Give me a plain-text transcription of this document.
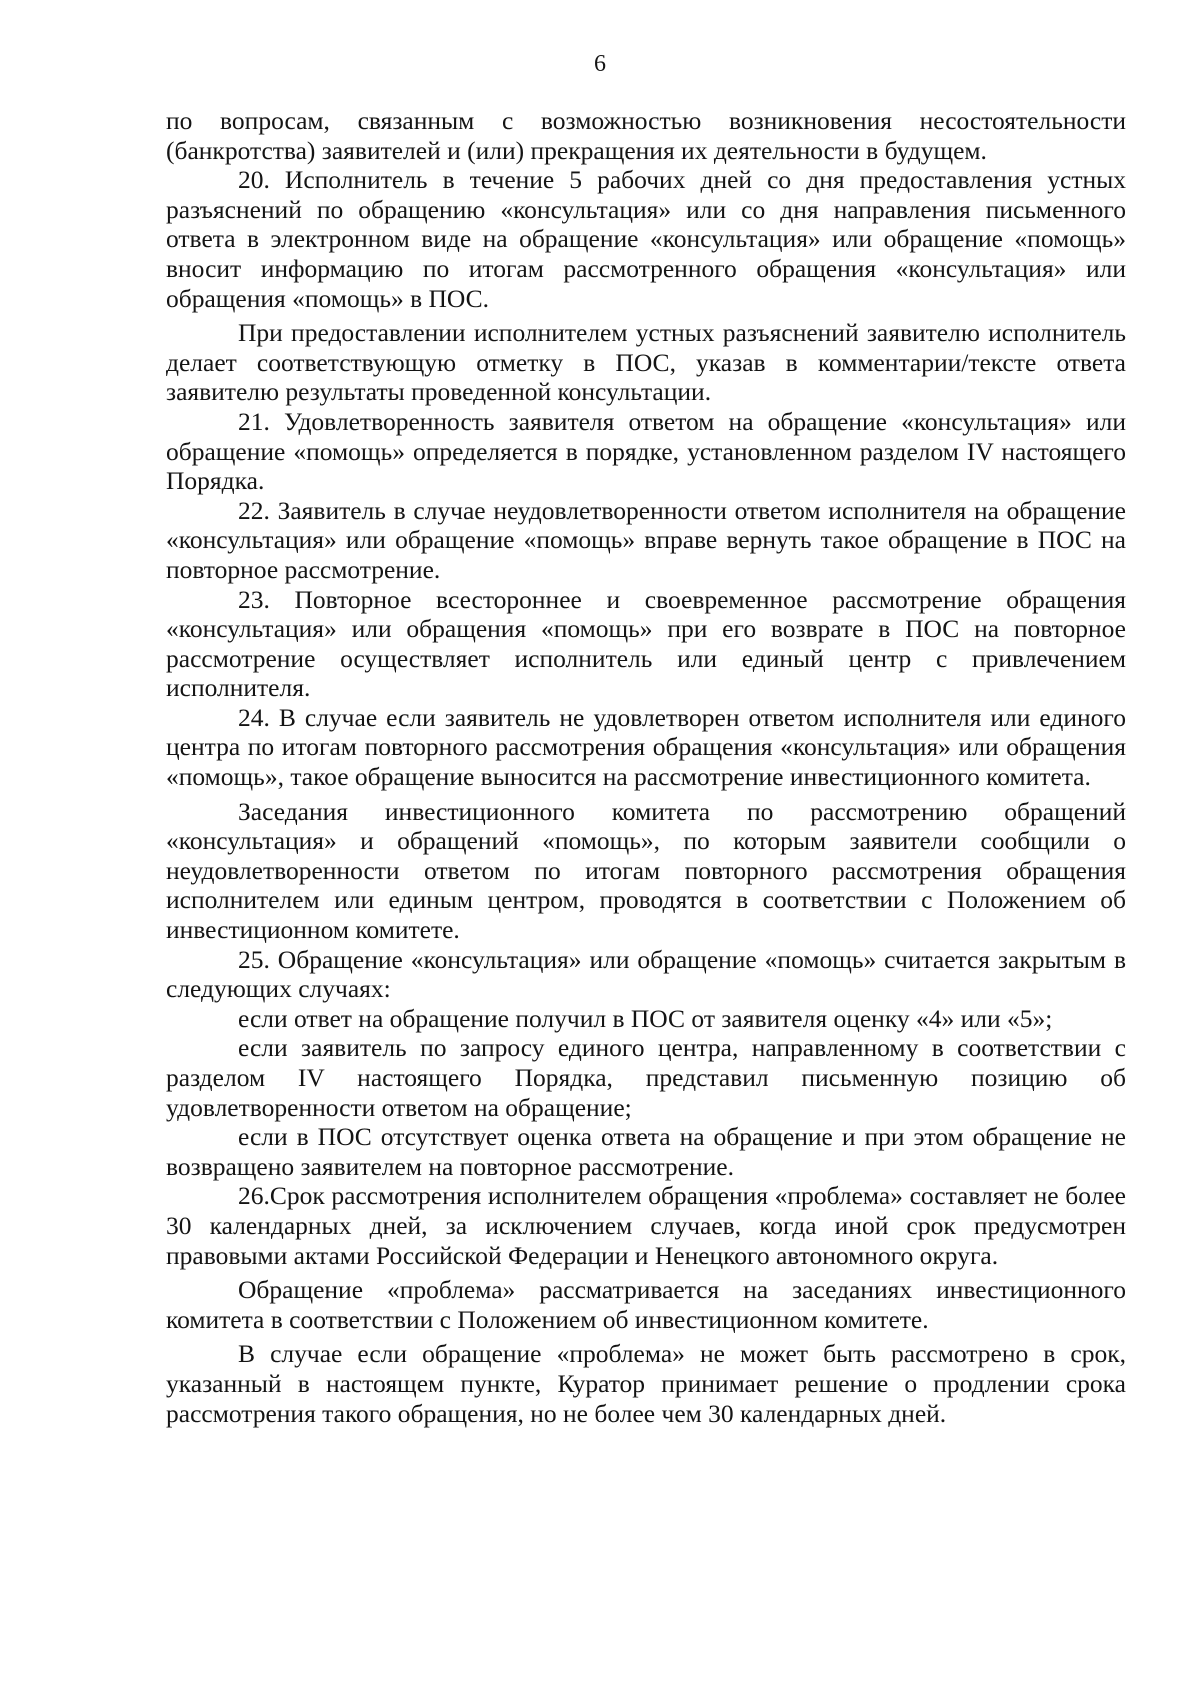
6

по вопросам, связанным с возможностью возникновения несостоятельности (банкротства) заявителей и (или) прекращения их деятельности в будущем.

20. Исполнитель в течение 5 рабочих дней со дня предоставления устных разъяснений по обращению «консультация» или со дня направления письменного ответа в электронном виде на обращение «консультация» или обращение «помощь» вносит информацию по итогам рассмотренного обращения «консультация» или обращения «помощь» в ПОС.

При предоставлении исполнителем устных разъяснений заявителю исполнитель делает соответствующую отметку в ПОС, указав в комментарии/тексте ответа заявителю результаты проведенной консультации.

21. Удовлетворенность заявителя ответом на обращение «консультация» или обращение «помощь» определяется в порядке, установленном разделом IV настоящего Порядка.

22. Заявитель в случае неудовлетворенности ответом исполнителя на обращение «консультация» или обращение «помощь» вправе вернуть такое обращение в ПОС на повторное рассмотрение.

23. Повторное всестороннее и своевременное рассмотрение обращения «консультация» или обращения «помощь» при его возврате в ПОС на повторное рассмотрение осуществляет исполнитель или единый центр с привлечением исполнителя.

24. В случае если заявитель не удовлетворен ответом исполнителя или единого центра по итогам повторного рассмотрения обращения «консультация» или обращения «помощь», такое обращение выносится на рассмотрение инвестиционного комитета.

Заседания инвестиционного комитета по рассмотрению обращений «консультация» и обращений «помощь», по которым заявители сообщили о неудовлетворенности ответом по итогам повторного рассмотрения обращения исполнителем или единым центром, проводятся в соответствии с Положением об инвестиционном комитете.

25. Обращение «консультация» или обращение «помощь» считается закрытым в следующих случаях:

если ответ на обращение получил в ПОС от заявителя оценку «4» или «5»;

если заявитель по запросу единого центра, направленному в соответствии с разделом IV настоящего Порядка, представил письменную позицию об удовлетворенности ответом на обращение;

если в ПОС отсутствует оценка ответа на обращение и при этом обращение не возвращено заявителем на повторное рассмотрение.

26.Срок рассмотрения исполнителем обращения «проблема» составляет не более 30 календарных дней, за исключением случаев, когда иной срок предусмотрен правовыми актами Российской Федерации и Ненецкого автономного округа.

Обращение «проблема» рассматривается на заседаниях инвестиционного комитета в соответствии с Положением об инвестиционном комитете.

В случае если обращение «проблема» не может быть рассмотрено в срок, указанный в настоящем пункте, Куратор принимает решение о продлении срока рассмотрения такого обращения, но не более чем 30 календарных дней.
